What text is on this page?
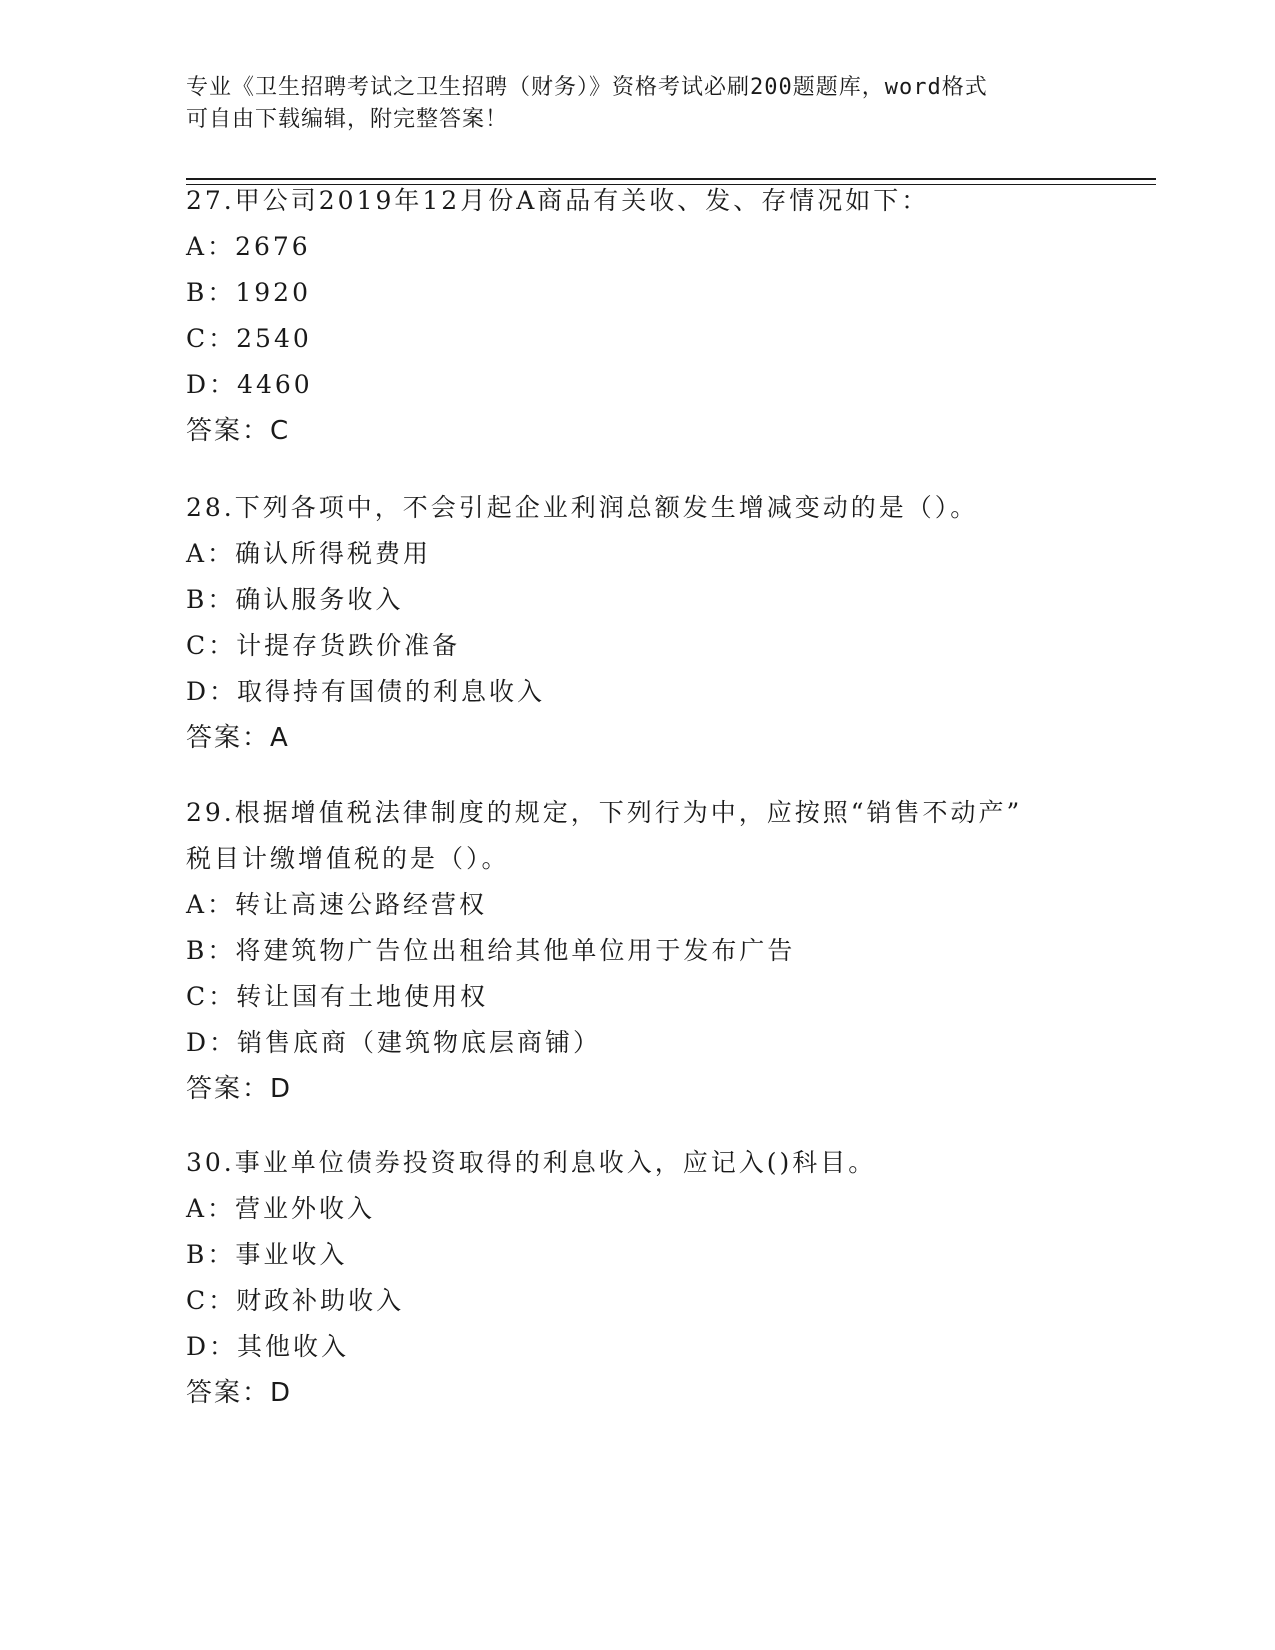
专业《卫生招聘考试之卫生招聘（财务）》资格考试必刷200题题库，word格式
可自由下载编辑，附完整答案！
27.甲公司2019年12月份A商品有关收、发、存情况如下：
A：2676
B：1920
C：2540
D：4460
答案：C
28.下列各项中，不会引起企业利润总额发生增减变动的是（）。
A：确认所得税费用
B：确认服务收入
C：计提存货跌价准备
D：取得持有国债的利息收入
答案：A
29.根据增值税法律制度的规定，下列行为中，应按照“销售不动产”
税目计缴增值税的是（）。
A：转让高速公路经营权
B：将建筑物广告位出租给其他单位用于发布广告
C：转让国有土地使用权
D：销售底商（建筑物底层商铺）
答案：D
30.事业单位债券投资取得的利息收入，应记入()科目。
A：营业外收入
B：事业收入
C：财政补助收入
D：其他收入
答案：D
